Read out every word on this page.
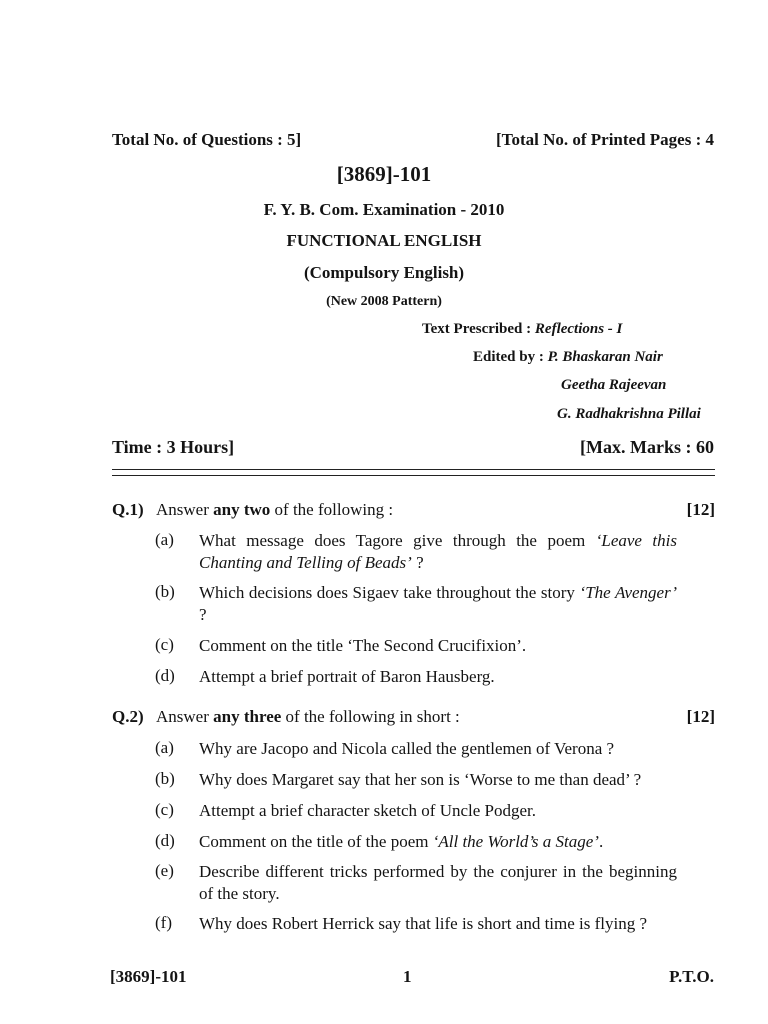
Total No. of Questions : 5]	[Total No. of Printed Pages : 4
[3869]-101
F. Y. B. Com. Examination - 2010
FUNCTIONAL ENGLISH
(Compulsory English)
(New 2008 Pattern)
Text Prescribed : Reflections - I
Edited by : P. Bhaskaran Nair
Geetha Rajeevan
G. Radhakrishna Pillai
Time : 3 Hours]	[Max. Marks : 60
Q.1) Answer any two of the following :	[12]
(a) What message does Tagore give through the poem ‘Leave this Chanting and Telling of Beads’ ?
(b) Which decisions does Sigaev take throughout the story ‘The Avenger’ ?
(c) Comment on the title ‘The Second Crucifixion’.
(d) Attempt a brief portrait of Baron Hausberg.
Q.2) Answer any three of the following in short :	[12]
(a) Why are Jacopo and Nicola called the gentlemen of Verona ?
(b) Why does Margaret say that her son is ‘Worse to me than dead’ ?
(c) Attempt a brief character sketch of Uncle Podger.
(d) Comment on the title of the poem ‘All the World’s a Stage’.
(e) Describe different tricks performed by the conjurer in the beginning of the story.
(f) Why does Robert Herrick say that life is short and time is flying ?
[3869]-101	1	P.T.O.
